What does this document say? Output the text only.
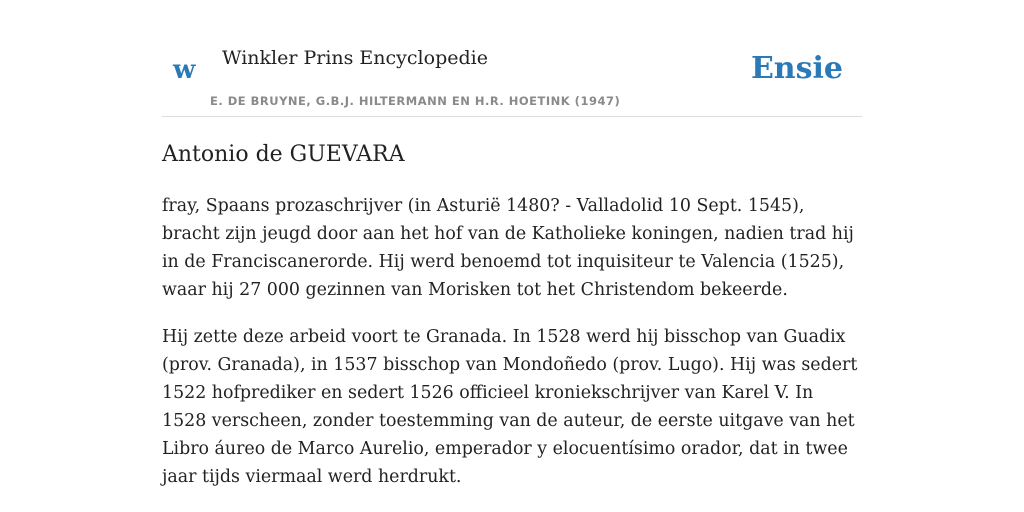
w Winkler Prins Encyclopedie
E. DE BRUYNE, G.B.J. HILTERMANN EN H.R. HOETINK (1947)
Ensie
Antonio de GUEVARA

fray, Spaans prozaschrijver (in Asturië 1480? - Valladolid 10 Sept. 1545), bracht zijn jeugd door aan het hof van de Katholieke koningen, nadien trad hij in de Franciscanerorde. Hij werd benoemd tot inquisiteur te Valencia (1525), waar hij 27 000 gezinnen van Morisken tot het Christendom bekeerde.

Hij zette deze arbeid voort te Granada. In 1528 werd hij bisschop van Guadix (prov. Granada), in 1537 bisschop van Mondoñedo (prov. Lugo). Hij was sedert 1522 hofprediker en sedert 1526 officieel kroniekschrijver van Karel V. In 1528 verscheen, zonder toestemming van de auteur, de eerste uitgave van het Libro áureo de Marco Aurelio, emperador y elocuentísimo orador, dat in twee jaar tijds viermaal werd herdrukt.
